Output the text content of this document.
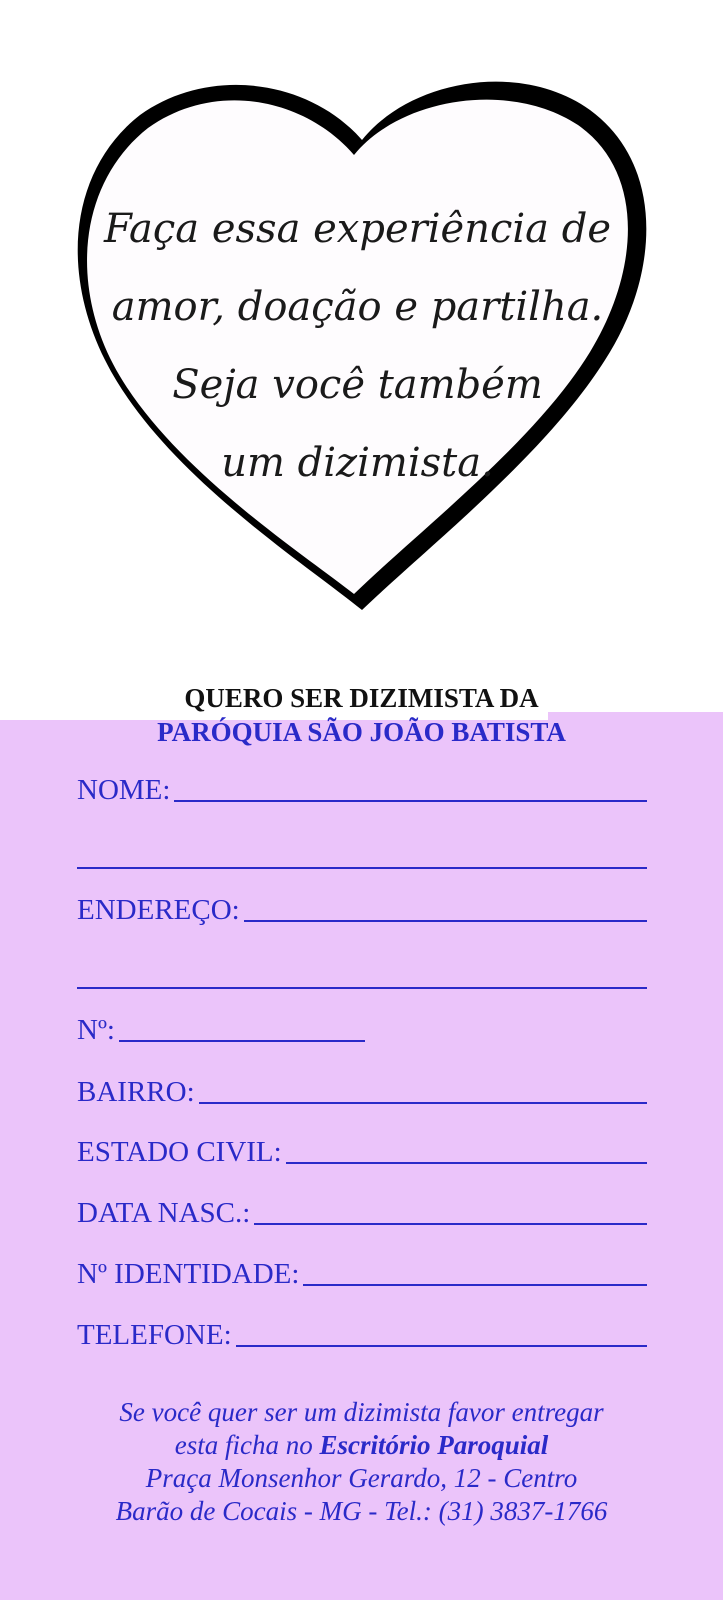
Faça essa experiência de
amor, doação e partilha.
Seja você também
um dizimista.
QUERO SER DIZIMISTA DA
PARÓQUIA SÃO JOÃO BATISTA
NOME:
ENDEREÇO:
Nº:
BAIRRO:
ESTADO CIVIL:
DATA NASC.:
Nº IDENTIDADE:
TELEFONE:
Se você quer ser um dizimista favor entregar
esta ficha no Escritório Paroquial
Praça Monsenhor Gerardo, 12 - Centro
Barão de Cocais - MG - Tel.: (31) 3837-1766
